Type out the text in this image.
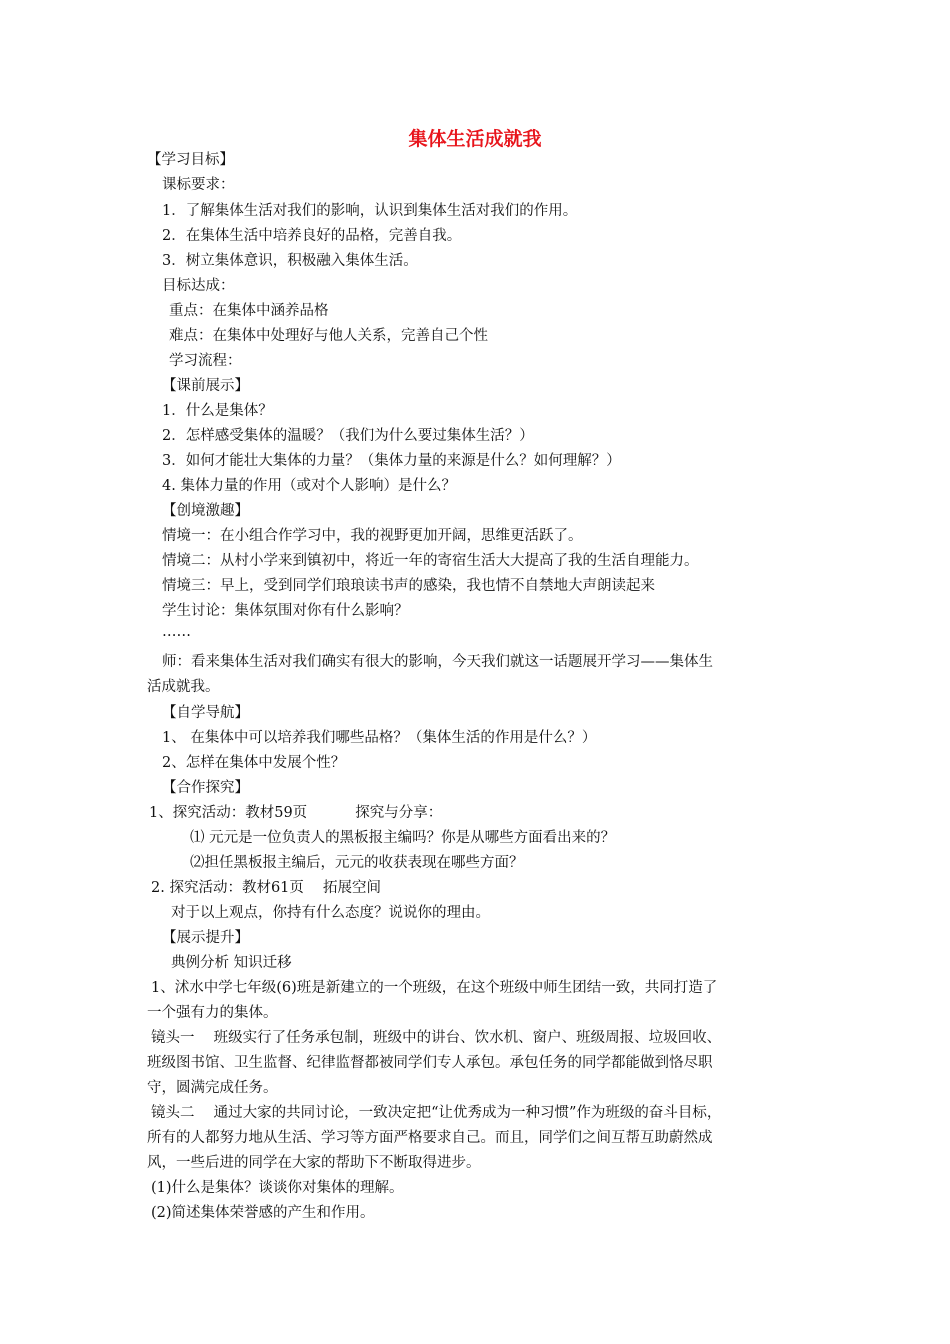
集体生活成就我
【学习目标】
课标要求：
1．了解集体生活对我们的影响，认识到集体生活对我们的作用。
2．在集体生活中培养良好的品格，完善自我。
3．树立集体意识，积极融入集体生活。
目标达成：
重点：在集体中涵养品格
难点：在集体中处理好与他人关系，完善自己个性
学习流程：
【课前展示】
1．什么是集体？
2．怎样感受集体的温暖？（我们为什么要过集体生活？）
3．如何才能壮大集体的力量？（集体力量的来源是什么？如何理解？）
4. 集体力量的作用（或对个人影响）是什么？
【创境激趣】
情境一：在小组合作学习中，我的视野更加开阔，思维更活跃了。
情境二：从村小学来到镇初中，将近一年的寄宿生活大大提高了我的生活自理能力。
情境三：早上，受到同学们琅琅读书声的感染，我也情不自禁地大声朗读起来
学生讨论：集体氛围对你有什么影响？
……
师：看来集体生活对我们确实有很大的影响，今天我们就这一话题展开学习——集体生
活成就我。
【自学导航】
1、 在集体中可以培养我们哪些品格？（集体生活的作用是什么？）
2、怎样在集体中发展个性？
【合作探究】
1、探究活动：教材59页 　　　探究与分享：
⑴ 元元是一位负责人的黑板报主编吗？你是从哪些方面看出来的？
⑵担任黑板报主编后，元元的收获表现在哪些方面？
2. 探究活动：教材61页 　拓展空间
对于以上观点，你持有什么态度？说说你的理由。
【展示提升】
典例分析 知识迁移
1、沭水中学七年级(6)班是新建立的一个班级，在这个班级中师生团结一致，共同打造了
一个强有力的集体。
镜头一 　班级实行了任务承包制，班级中的讲台、饮水机、窗户、班级周报、垃圾回收、
班级图书馆、卫生监督、纪律监督都被同学们专人承包。承包任务的同学都能做到恪尽职
守，圆满完成任务。
镜头二 　通过大家的共同讨论，一致决定把“让优秀成为一种习惯”作为班级的奋斗目标，
所有的人都努力地从生活、学习等方面严格要求自己。而且，同学们之间互帮互助蔚然成
风，一些后进的同学在大家的帮助下不断取得进步。
(1)什么是集体？谈谈你对集体的理解。
(2)简述集体荣誉感的产生和作用。
